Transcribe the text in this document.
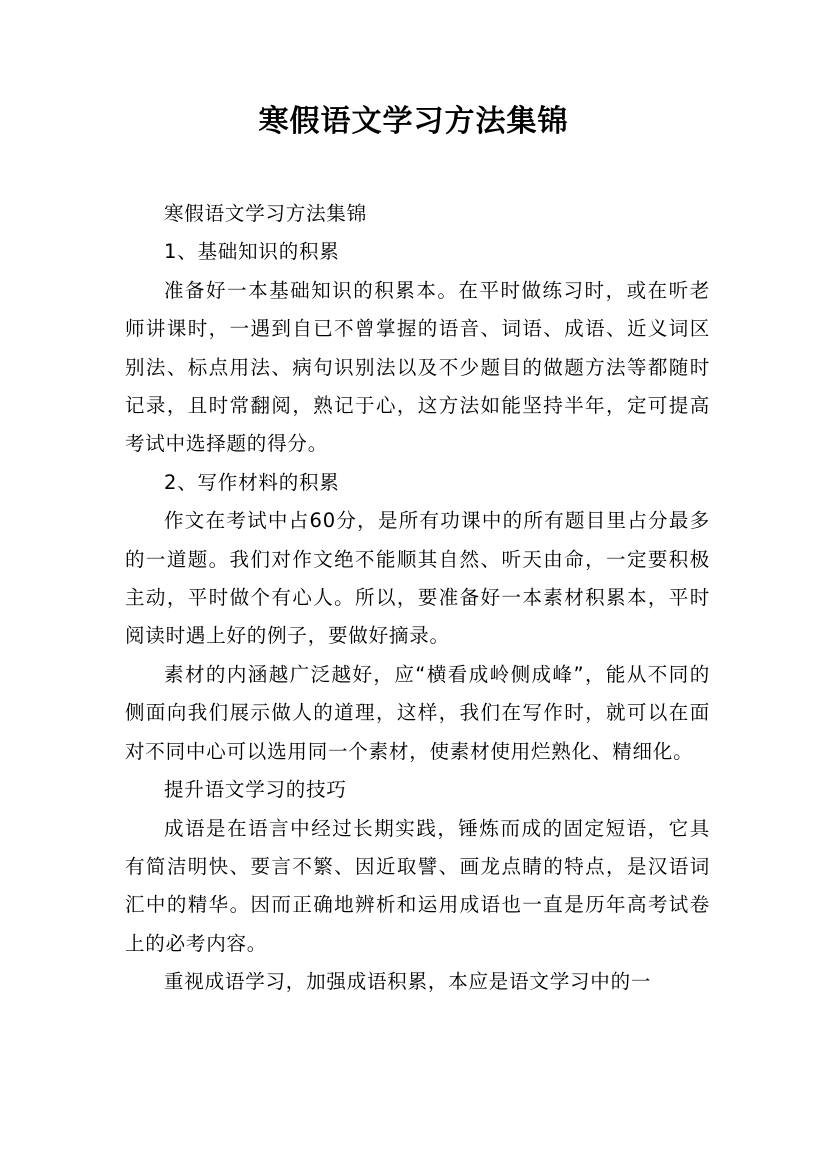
寒假语文学习方法集锦

寒假语文学习方法集锦

1、基础知识的积累

准备好一本基础知识的积累本。在平时做练习时，或在听老师讲课时，一遇到自已不曾掌握的语音、词语、成语、近义词区别法、标点用法、病句识别法以及不少题目的做题方法等都随时记录，且时常翻阅，熟记于心，这方法如能坚持半年，定可提高考试中选择题的得分。

2、写作材料的积累

作文在考试中占60分，是所有功课中的所有题目里占分最多的一道题。我们对作文绝不能顺其自然、听天由命，一定要积极主动，平时做个有心人。所以，要准备好一本素材积累本，平时阅读时遇上好的例子，要做好摘录。

素材的内涵越广泛越好，应“横看成岭侧成峰”，能从不同的侧面向我们展示做人的道理，这样，我们在写作时，就可以在面对不同中心可以选用同一个素材，使素材使用烂熟化、精细化。

提升语文学习的技巧

成语是在语言中经过长期实践，锤炼而成的固定短语，它具有简洁明快、要言不繁、因近取譬、画龙点睛的特点，是汉语词汇中的精华。因而正确地辨析和运用成语也一直是历年高考试卷上的必考内容。

重视成语学习，加强成语积累，本应是语文学习中的一
